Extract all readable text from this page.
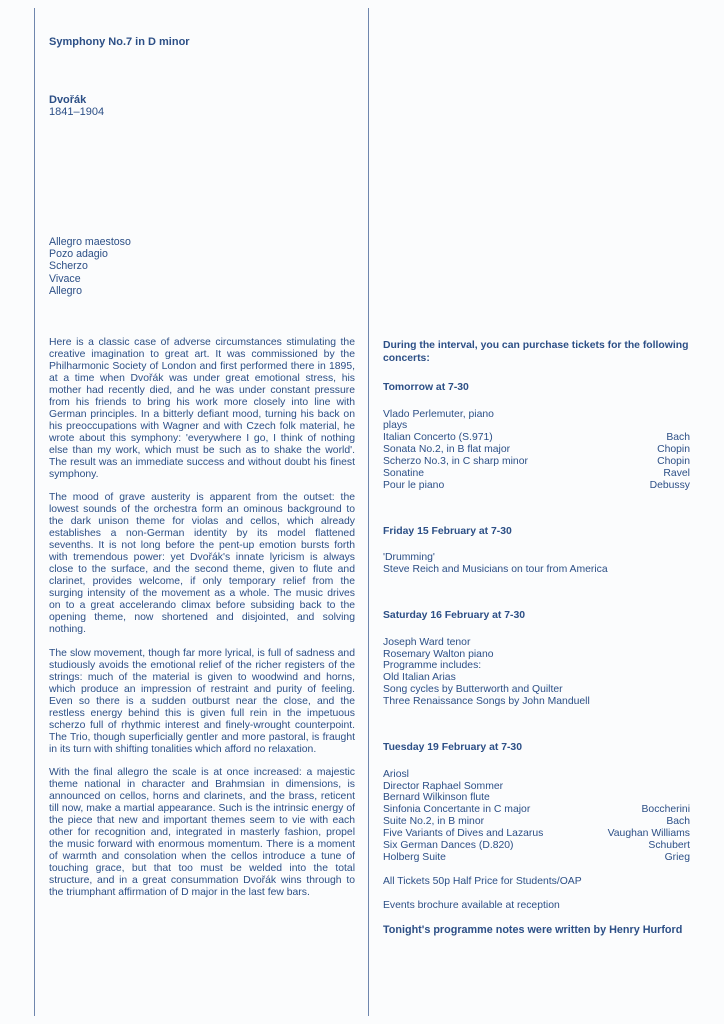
Symphony No.7 in D minor
Dvořák
1841–1904
Allegro maestoso
Pozo adagio
Scherzo
Vivace
Allegro

Here is a classic case of adverse circumstances stimulating the creative imagination to great art. It was commissioned by the Philharmonic Society of London and first performed there in 1895, at a time when Dvořák was under great emotional stress, his mother had recently died, and he was under constant pressure from his friends to bring his work more closely into line with German principles. In a bitterly defiant mood, turning his back on his preoccupations with Wagner and with Czech folk material, he wrote about this symphony: 'everywhere I go, I think of nothing else than my work, which must be such as to shake the world'. The result was an immediate success and without doubt his finest symphony.

The mood of grave austerity is apparent from the outset: the lowest sounds of the orchestra form an ominous background to the dark unison theme for violas and cellos, which already establishes a non-German identity by its model flattened sevenths. It is not long before the pent-up emotion bursts forth with tremendous power: yet Dvořák's innate lyricism is always close to the surface, and the second theme, given to flute and clarinet, provides welcome, if only temporary relief from the surging intensity of the movement as a whole. The music drives on to a great accelerando climax before subsiding back to the opening theme, now shortened and disjointed, and solving nothing.

The slow movement, though far more lyrical, is full of sadness and studiously avoids the emotional relief of the richer registers of the strings: much of the material is given to woodwind and horns, which produce an impression of restraint and purity of feeling. Even so there is a sudden outburst near the close, and the restless energy behind this is given full rein in the impetuous scherzo full of rhythmic interest and finely-wrought counterpoint. The Trio, though superficially gentler and more pastoral, is fraught in its turn with shifting tonalities which afford no relaxation.

With the final allegro the scale is at once increased: a majestic theme national in character and Brahmsian in dimensions, is announced on cellos, horns and clarinets, and the brass, reticent till now, make a martial appearance. Such is the intrinsic energy of the piece that new and important themes seem to vie with each other for recognition and, integrated in masterly fashion, propel the music forward with enormous momentum. There is a moment of warmth and consolation when the cellos introduce a tune of touching grace, but that too must be welded into the total structure, and in a great consummation Dvořák wins through to the triumphant affirmation of D major in the last few bars.

During the interval, you can purchase tickets for the following concerts:

Tomorrow at 7-30
Vlado Perlemuter, piano
plays
Italian Concerto (S.971)	Bach
Sonata No.2, in B flat major	Chopin
Scherzo No.3, in C sharp minor	Chopin
Sonatine	Ravel
Pour le piano	Debussy
Friday 15 February at 7-30
'Drumming'
Steve Reich and Musicians on tour from America
Saturday 16 February at 7-30
Joseph Ward tenor
Rosemary Walton piano
Programme includes:
Old Italian Arias
Song cycles by Butterworth and Quilter
Three Renaissance Songs by John Manduell
Tuesday 19 February at 7-30
Ariosl
Director Raphael Sommer
Bernard Wilkinson flute
Sinfonia Concertante in C major	Boccherini
Suite No.2, in B minor	Bach
Five Variants of Dives and Lazarus	Vaughan Williams
Six German Dances (D.820)	Schubert
Holberg Suite	Grieg
All Tickets 50p Half Price for Students/OAP
Events brochure available at reception
Tonight's programme notes were written by Henry Hurford
